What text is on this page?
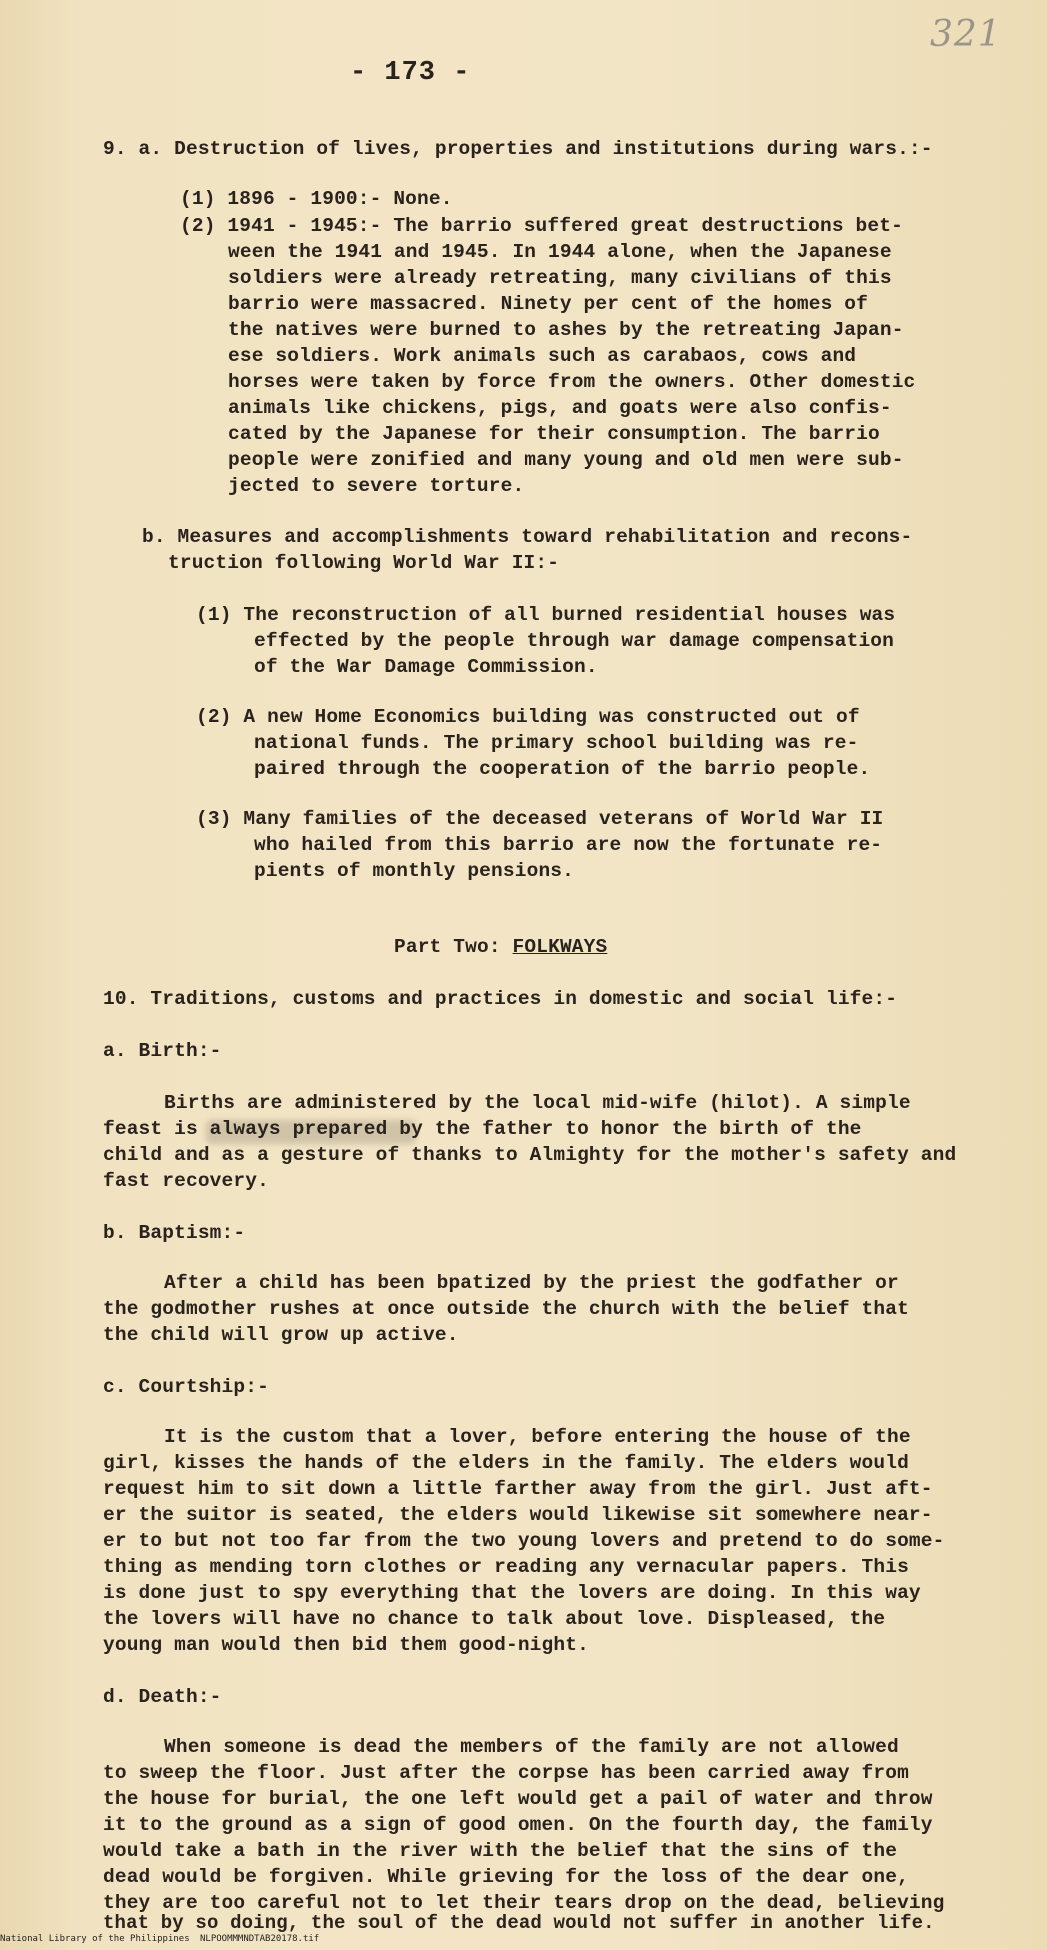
321
- 173 -
9. a. Destruction of lives, properties and institutions during wars.:-
(1) 1896 - 1900:- None.
(2) 1941 - 1945:- The barrio suffered great destructions bet-
ween the 1941 and 1945. In 1944 alone, when the Japanese
soldiers were already retreating, many civilians of this
barrio were massacred. Ninety per cent of the homes of
the natives were burned to ashes by the retreating Japan-
ese soldiers. Work animals such as carabaos, cows and
horses were taken by force from the owners. Other domestic
animals like chickens, pigs, and goats were also confis-
cated by the Japanese for their consumption. The barrio
people were zonified and many young and old men were sub-
jected to severe torture.
b. Measures and accomplishments toward rehabilitation and recons-
truction following World War II:-
(1) The reconstruction of all burned residential houses was
effected by the people through war damage compensation
of the War Damage Commission.
(2) A new Home Economics building was constructed out of
national funds. The primary school building was re-
paired through the cooperation of the barrio people.
(3) Many families of the deceased veterans of World War II
who hailed from this barrio are now the fortunate re-
pients of monthly pensions.
Part Two: FOLKWAYS
10. Traditions, customs and practices in domestic and social life:-
a. Birth:-
Births are administered by the local mid-wife (hilot). A simple
feast is always prepared by the father to honor the birth of the
child and as a gesture of thanks to Almighty for the mother's safety and
fast recovery.
b. Baptism:-
After a child has been bpatized by the priest the godfather or
the godmother rushes at once outside the church with the belief that
the child will grow up active.
c. Courtship:-
It is the custom that a lover, before entering the house of the
girl, kisses the hands of the elders in the family. The elders would
request him to sit down a little farther away from the girl. Just aft-
er the suitor is seated, the elders would likewise sit somewhere near-
er to but not too far from the two young lovers and pretend to do some-
thing as mending torn clothes or reading any vernacular papers. This
is done just to spy everything that the lovers are doing. In this way
the lovers will have no chance to talk about love. Displeased, the
young man would then bid them good-night.
d. Death:-
When someone is dead the members of the family are not allowed
to sweep the floor. Just after the corpse has been carried away from
the house for burial, the one left would get a pail of water and throw
it to the ground as a sign of good omen. On the fourth day, the family
would take a bath in the river with the belief that the sins of the
dead would be forgiven. While grieving for the loss of the dear one,
they are too careful not to let their tears drop on the dead, believing
that by so doing, the soul of the dead would not suffer in another life.
National Library of the Philippines NLPOOMMMNDTAB20178.tif
